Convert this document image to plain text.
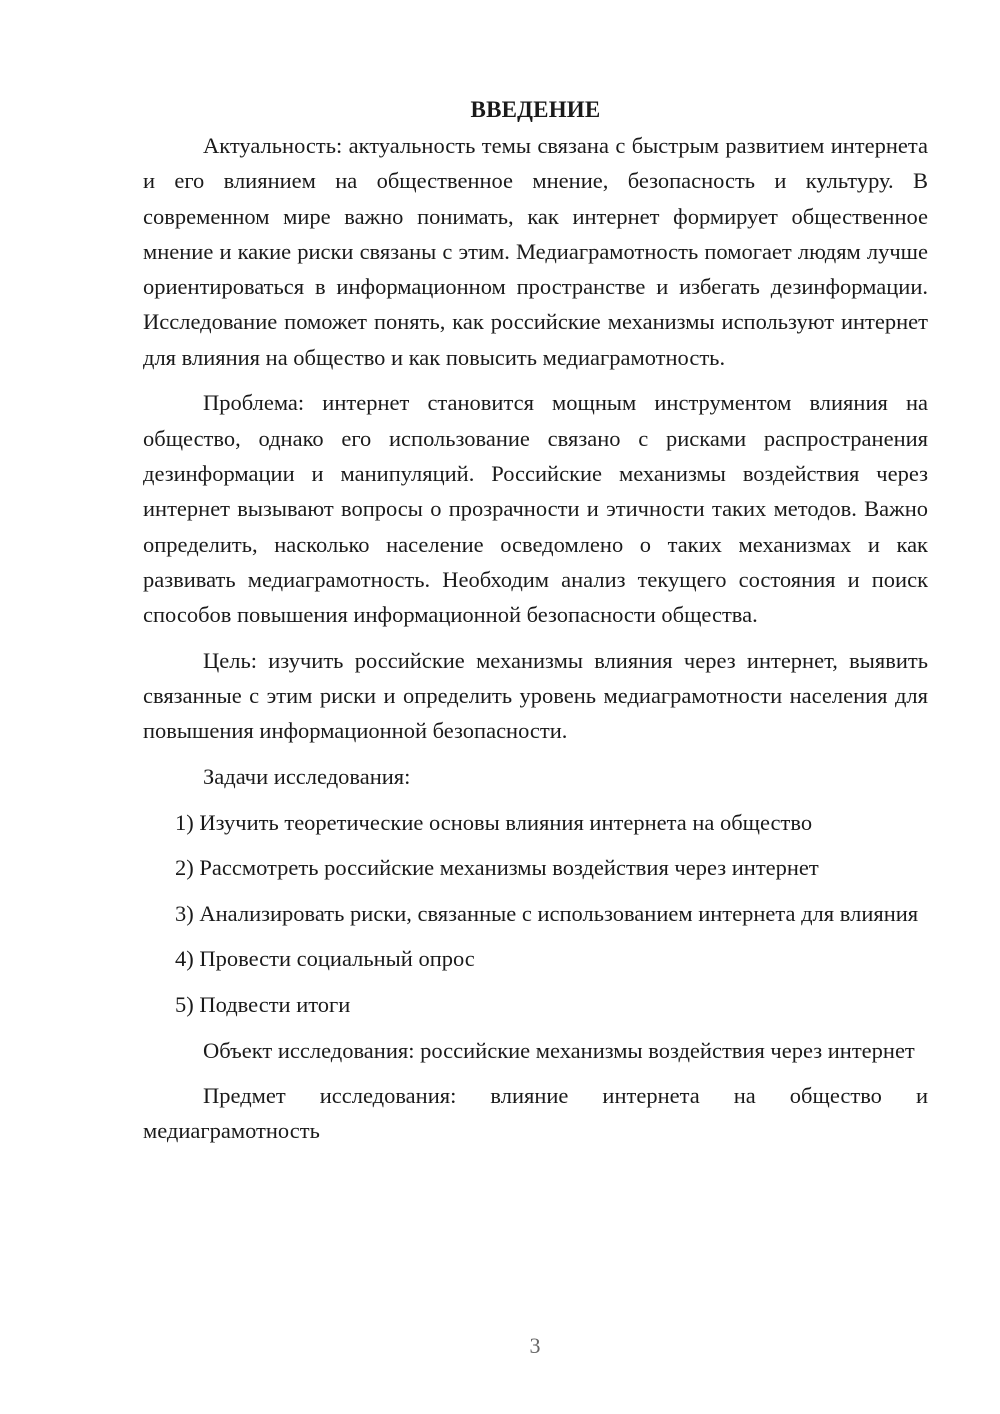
ВВЕДЕНИЕ

Актуальность: актуальность темы связана с быстрым развитием интернета и его влиянием на общественное мнение, безопасность и культуру. В современном мире важно понимать, как интернет формирует общественное мнение и какие риски связаны с этим. Медиаграмотность помогает людям лучше ориентироваться в информационном пространстве и избегать дезинформации. Исследование поможет понять, как российские механизмы используют интернет для влияния на общество и как повысить медиаграмотность.

Проблема: интернет становится мощным инструментом влияния на общество, однако его использование связано с рисками распространения дезинформации и манипуляций. Российские механизмы воздействия через интернет вызывают вопросы о прозрачности и этичности таких методов. Важно определить, насколько население осведомлено о таких механизмах и как развивать медиаграмотность. Необходим анализ текущего состояния и поиск способов повышения информационной безопасности общества.

Цель: изучить российские механизмы влияния через интернет, выявить связанные с этим риски и определить уровень медиаграмотности населения для повышения информационной безопасности.

Задачи исследования:

1) Изучить теоретические основы влияния интернета на общество

2) Рассмотреть российские механизмы воздействия через интернет

3) Анализировать риски, связанные с использованием интернета для влияния

4) Провести социальный опрос

5) Подвести итоги

Объект исследования: российские механизмы воздействия через интернет

Предмет исследования: влияние интернета на общество и медиаграмотность

3
